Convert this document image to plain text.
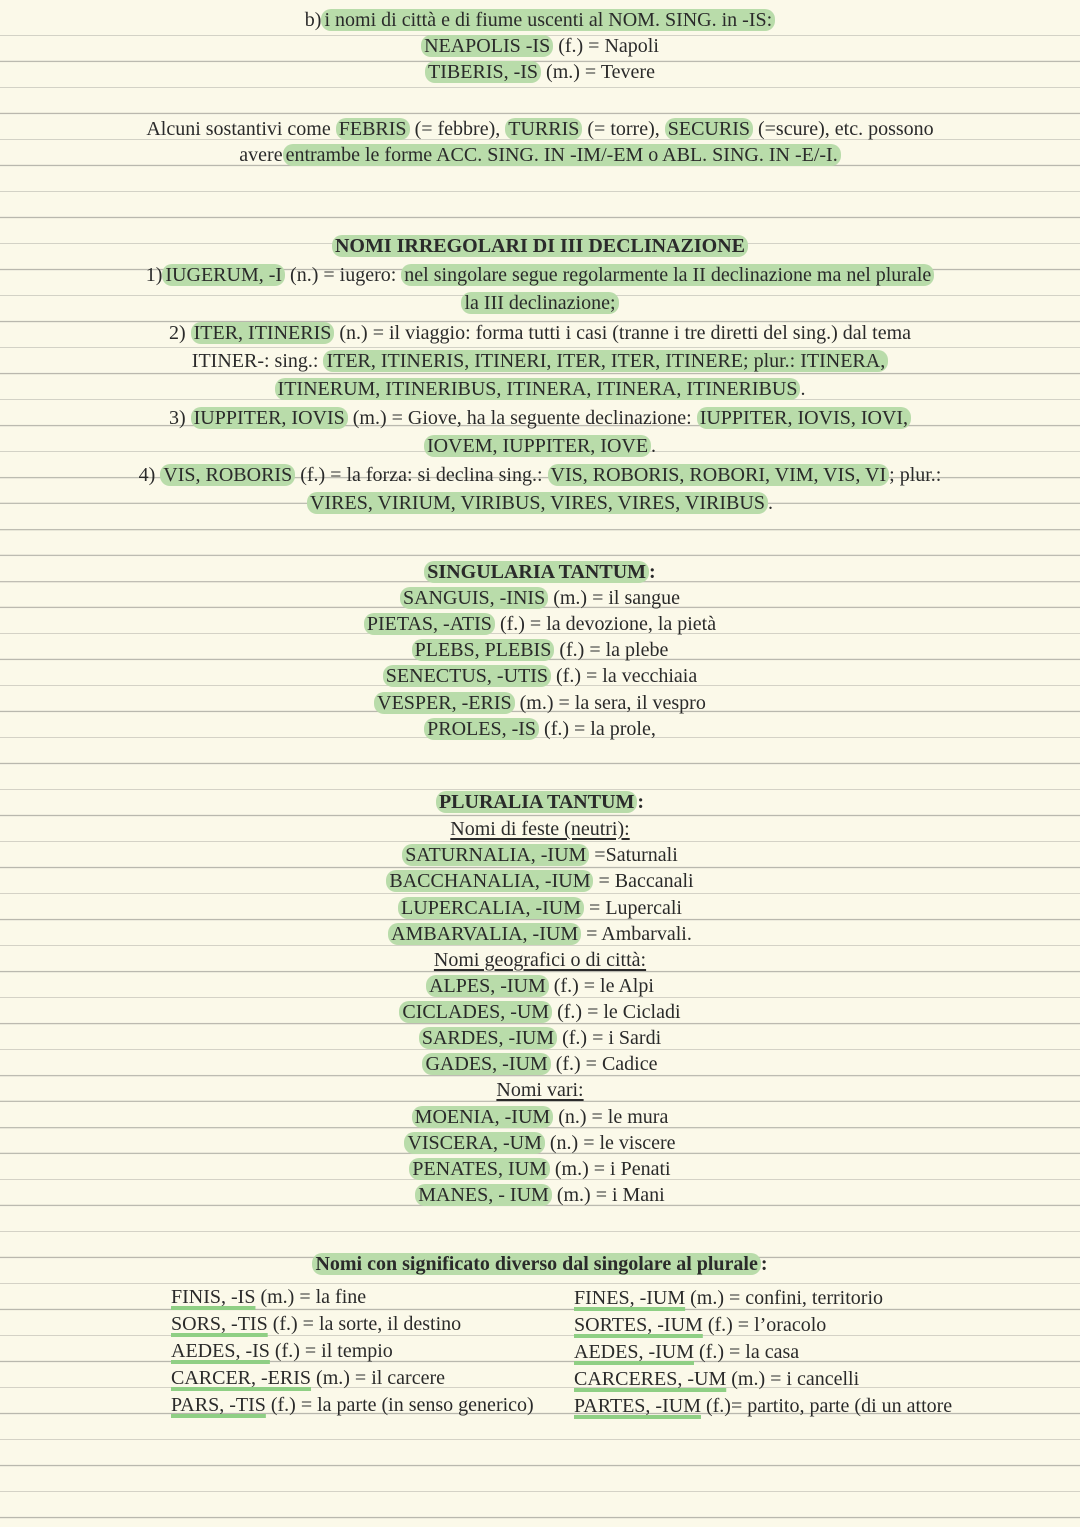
b) i nomi di città e di fiume uscenti al NOM. SING. in -IS:
NEAPOLIS -IS (f.) = Napoli
TIBERIS, -IS (m.) = Tevere
Alcuni sostantivi come FEBRIS (= febbre), TURRIS (= torre), SECURIS (=scure), etc. possono
avere entrambe le forme ACC. SING. IN -IM/-EM o ABL. SING. IN -E/-I.
NOMI IRREGOLARI DI III DECLINAZIONE
1) IUGERUM, -I (n.) = iugero: nel singolare segue regolarmente la II declinazione ma nel plurale
la III declinazione;
2) ITER, ITINERIS (n.) = il viaggio: forma tutti i casi (tranne i tre diretti del sing.) dal tema
ITINER-: sing.: ITER, ITINERIS, ITINERI, ITER, ITER, ITINERE; plur.: ITINERA,
ITINERUM, ITINERIBUS, ITINERA, ITINERA, ITINERIBUS .
3) IUPPITER, IOVIS (m.) = Giove, ha la seguente declinazione: IUPPITER, IOVIS, IOVI,
IOVEM, IUPPITER, IOVE .
4) VIS, ROBORIS (f.) = la forza: si declina sing.: VIS, ROBORIS, ROBORI, VIM, VIS, VI ; plur.:
VIRES, VIRIUM, VIRIBUS, VIRES, VIRES, VIRIBUS .
SINGULARIA TANTUM :
SANGUIS, -INIS (m.) = il sangue
PIETAS, -ATIS (f.) = la devozione, la pietà
PLEBS, PLEBIS (f.) = la plebe
SENECTUS, -UTIS (f.) = la vecchiaia
VESPER, -ERIS (m.) = la sera, il vespro
PROLES, -IS (f.) = la prole,
PLURALIA TANTUM :
Nomi di feste (neutri):
SATURNALIA, -IUM =Saturnali
BACCHANALIA, -IUM = Baccanali
LUPERCALIA, -IUM = Lupercali
AMBARVALIA, -IUM = Ambarvali.
Nomi geografici o di città:
ALPES, -IUM (f.) = le Alpi
CICLADES, -UM (f.) = le Cicladi
SARDES, -IUM (f.) = i Sardi
GADES, -IUM (f.) = Cadice
Nomi vari:
MOENIA, -IUM (n.) = le mura
VISCERA, -UM (n.) = le viscere
PENATES, IUM (m.) = i Penati
MANES, - IUM (m.) = i Mani
Nomi con significato diverso dal singolare al plurale :
FINIS, -IS (m.) = la fine
SORS, -TIS (f.) = la sorte, il destino
AEDES, -IS (f.) = il tempio
CARCER, -ERIS (m.) = il carcere
PARS, -TIS (f.) = la parte (in senso generico)
FINES, -IUM (m.) = confini, territorio
SORTES, -IUM (f.) = l’oracolo
AEDES, -IUM (f.) = la casa
CARCERES, -UM (m.) = i cancelli
PARTES, -IUM (f.)= partito, parte (di un attore
